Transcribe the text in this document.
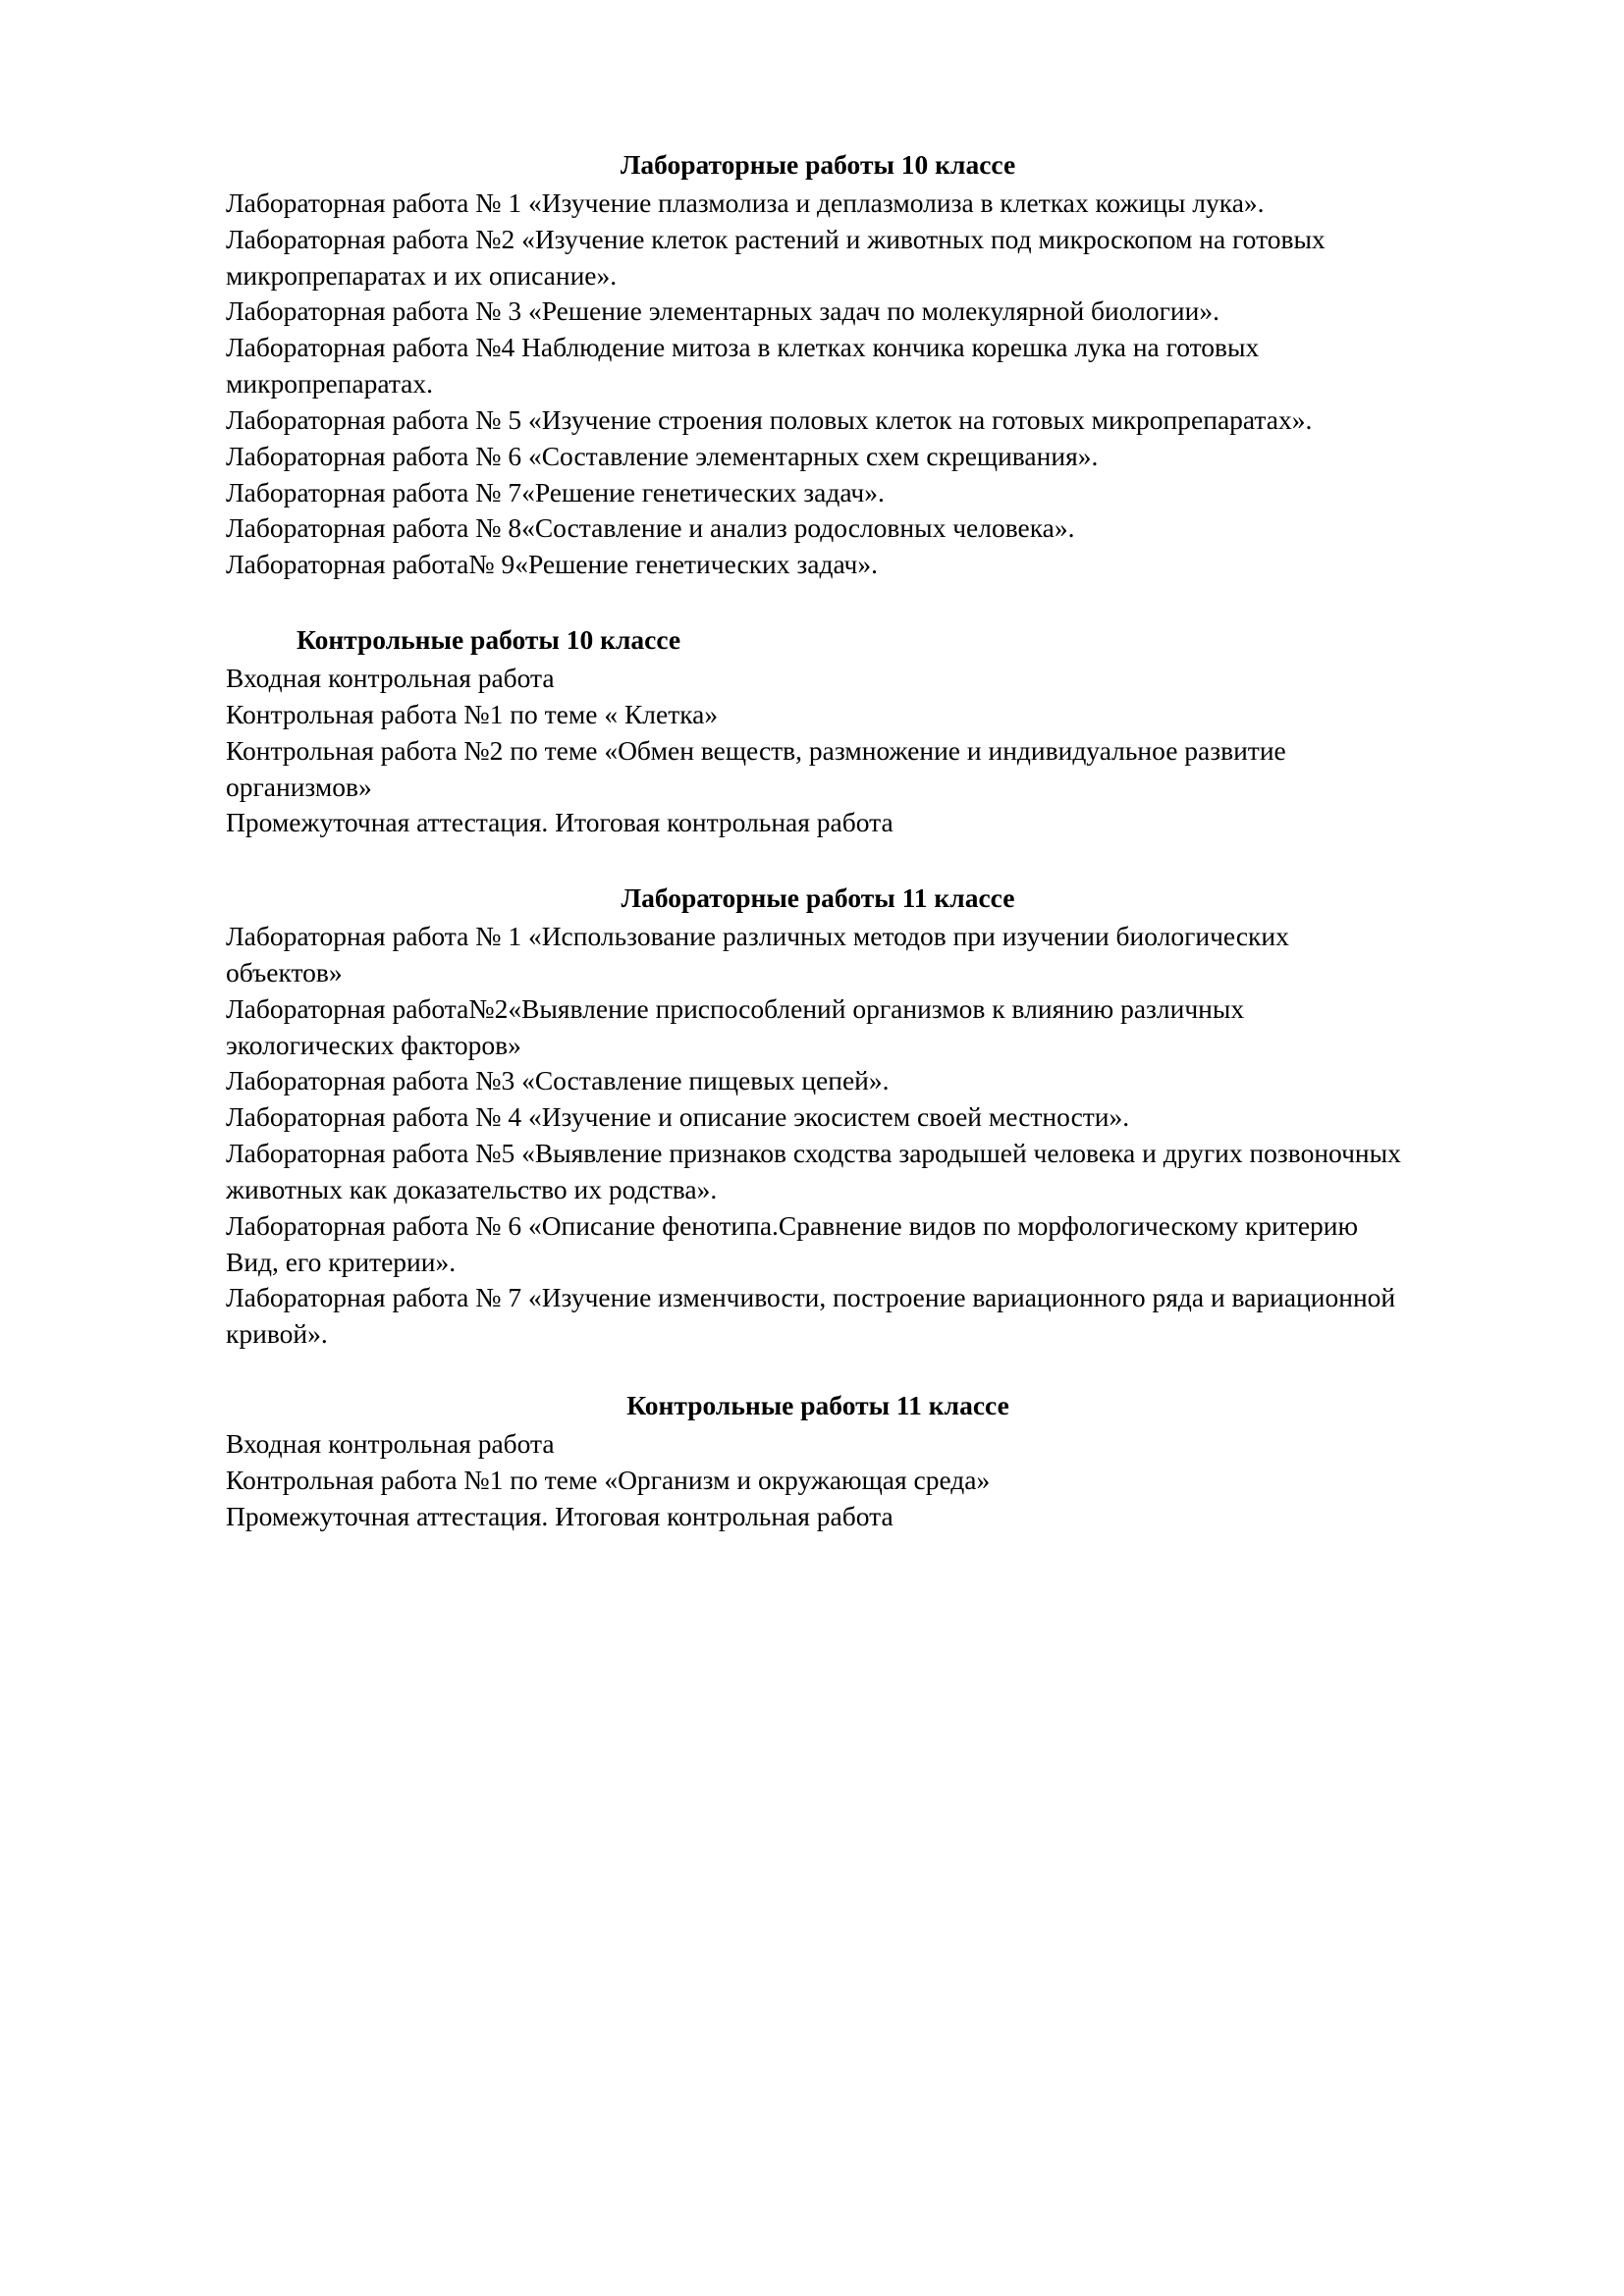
Лабораторные работы 10 классе

Лабораторная работа № 1 «Изучение плазмолиза и деплазмолиза в клетках кожицы лука».

Лабораторная работа №2 «Изучение клеток растений и животных под микроскопом на готовых микропрепаратах и их описание».

Лабораторная работа № 3 «Решение элементарных задач по молекулярной биологии».

Лабораторная работа №4 Наблюдение митоза в клетках кончика корешка лука на готовых микропрепаратах.

Лабораторная работа № 5 «Изучение строения половых клеток на готовых микропрепаратах».

Лабораторная работа № 6 «Составление элементарных схем скрещивания».

Лабораторная работа № 7«Решение генетических задач».

Лабораторная работа № 8«Составление и анализ родословных человека».

Лабораторная работа№ 9«Решение генетических задач».

Контрольные работы 10 классе

Входная контрольная работа

Контрольная работа №1 по теме « Клетка»

Контрольная работа №2 по теме «Обмен веществ, размножение и индивидуальное развитие организмов»

Промежуточная аттестация. Итоговая контрольная работа

Лабораторные работы 11 классе

Лабораторная работа № 1 «Использование различных методов при изучении биологических объектов»

Лабораторная работа№2«Выявление приспособлений организмов к влиянию различных экологических факторов»

Лабораторная работа №3 «Составление пищевых цепей».

Лабораторная работа № 4 «Изучение и описание экосистем своей местности».

Лабораторная работа №5 «Выявление признаков сходства зародышей человека и других позвоночных животных как доказательство их родства».

Лабораторная работа № 6 «Описание фенотипа.Сравнение видов по морфологическому критерию Вид, его критерии».

Лабораторная работа № 7 «Изучение изменчивости, построение вариационного ряда и вариационной кривой».

Контрольные работы 11 классе

Входная контрольная работа

Контрольная работа №1 по теме «Организм и окружающая среда»

Промежуточная аттестация. Итоговая контрольная работа
